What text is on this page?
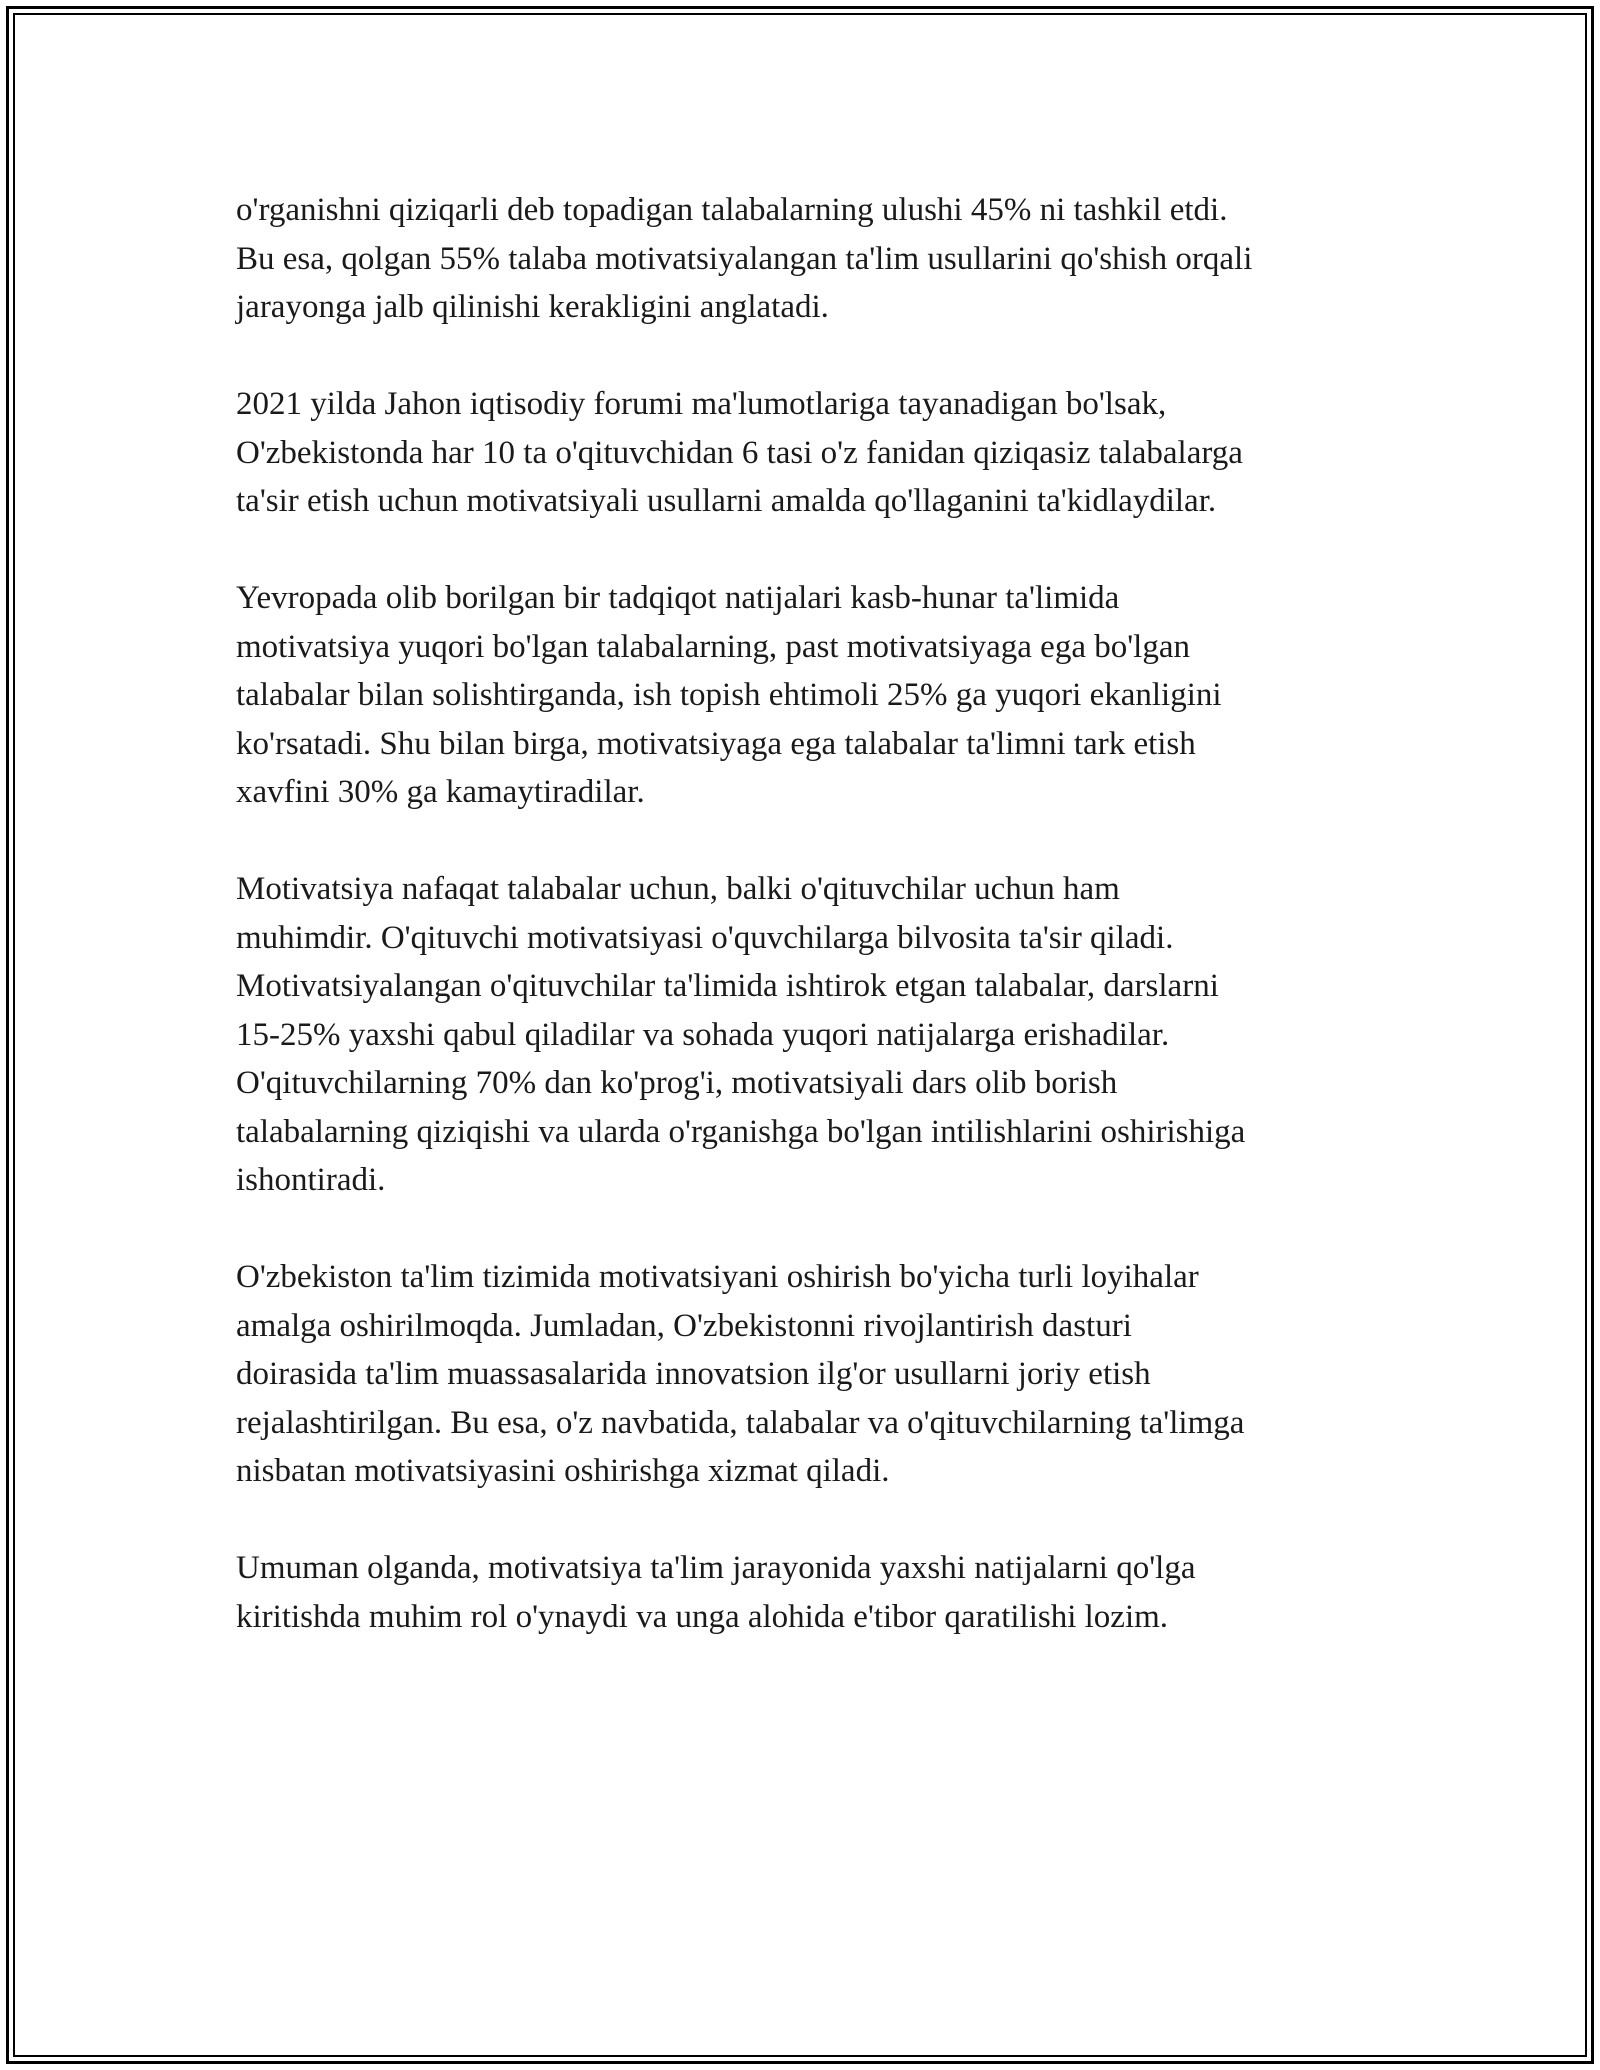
o'rganishni qiziqarli deb topadigan talabalarning ulushi 45% ni tashkil etdi.
Bu esa, qolgan 55% talaba motivatsiyalangan ta'lim usullarini qo'shish orqali
jarayonga jalb qilinishi kerakligini anglatadi.

2021 yilda Jahon iqtisodiy forumi ma'lumotlariga tayanadigan bo'lsak,
O'zbekistonda har 10 ta o'qituvchidan 6 tasi o'z fanidan qiziqasiz talabalarga
ta'sir etish uchun motivatsiyali usullarni amalda qo'llaganini ta'kidlaydilar.

Yevropada olib borilgan bir tadqiqot natijalari kasb-hunar ta'limida
motivatsiya yuqori bo'lgan talabalarning, past motivatsiyaga ega bo'lgan
talabalar bilan solishtirganda, ish topish ehtimoli 25% ga yuqori ekanligini
ko'rsatadi. Shu bilan birga, motivatsiyaga ega talabalar ta'limni tark etish
xavfini 30% ga kamaytiradilar.

Motivatsiya nafaqat talabalar uchun, balki o'qituvchilar uchun ham
muhimdir. O'qituvchi motivatsiyasi o'quvchilarga bilvosita ta'sir qiladi.
Motivatsiyalangan o'qituvchilar ta'limida ishtirok etgan talabalar, darslarni
15-25% yaxshi qabul qiladilar va sohada yuqori natijalarga erishadilar.
O'qituvchilarning 70% dan ko'prog'i, motivatsiyali dars olib borish
talabalarning qiziqishi va ularda o'rganishga bo'lgan intilishlarini oshirishiga
ishontiradi.

O'zbekiston ta'lim tizimida motivatsiyani oshirish bo'yicha turli loyihalar
amalga oshirilmoqda. Jumladan, O'zbekistonni rivojlantirish dasturi
doirasida ta'lim muassasalarida innovatsion ilg'or usullarni joriy etish
rejalashtirilgan. Bu esa, o'z navbatida, talabalar va o'qituvchilarning ta'limga
nisbatan motivatsiyasini oshirishga xizmat qiladi.

Umuman olganda, motivatsiya ta'lim jarayonida yaxshi natijalarni qo'lga
kiritishda muhim rol o'ynaydi va unga alohida e'tibor qaratilishi lozim.
